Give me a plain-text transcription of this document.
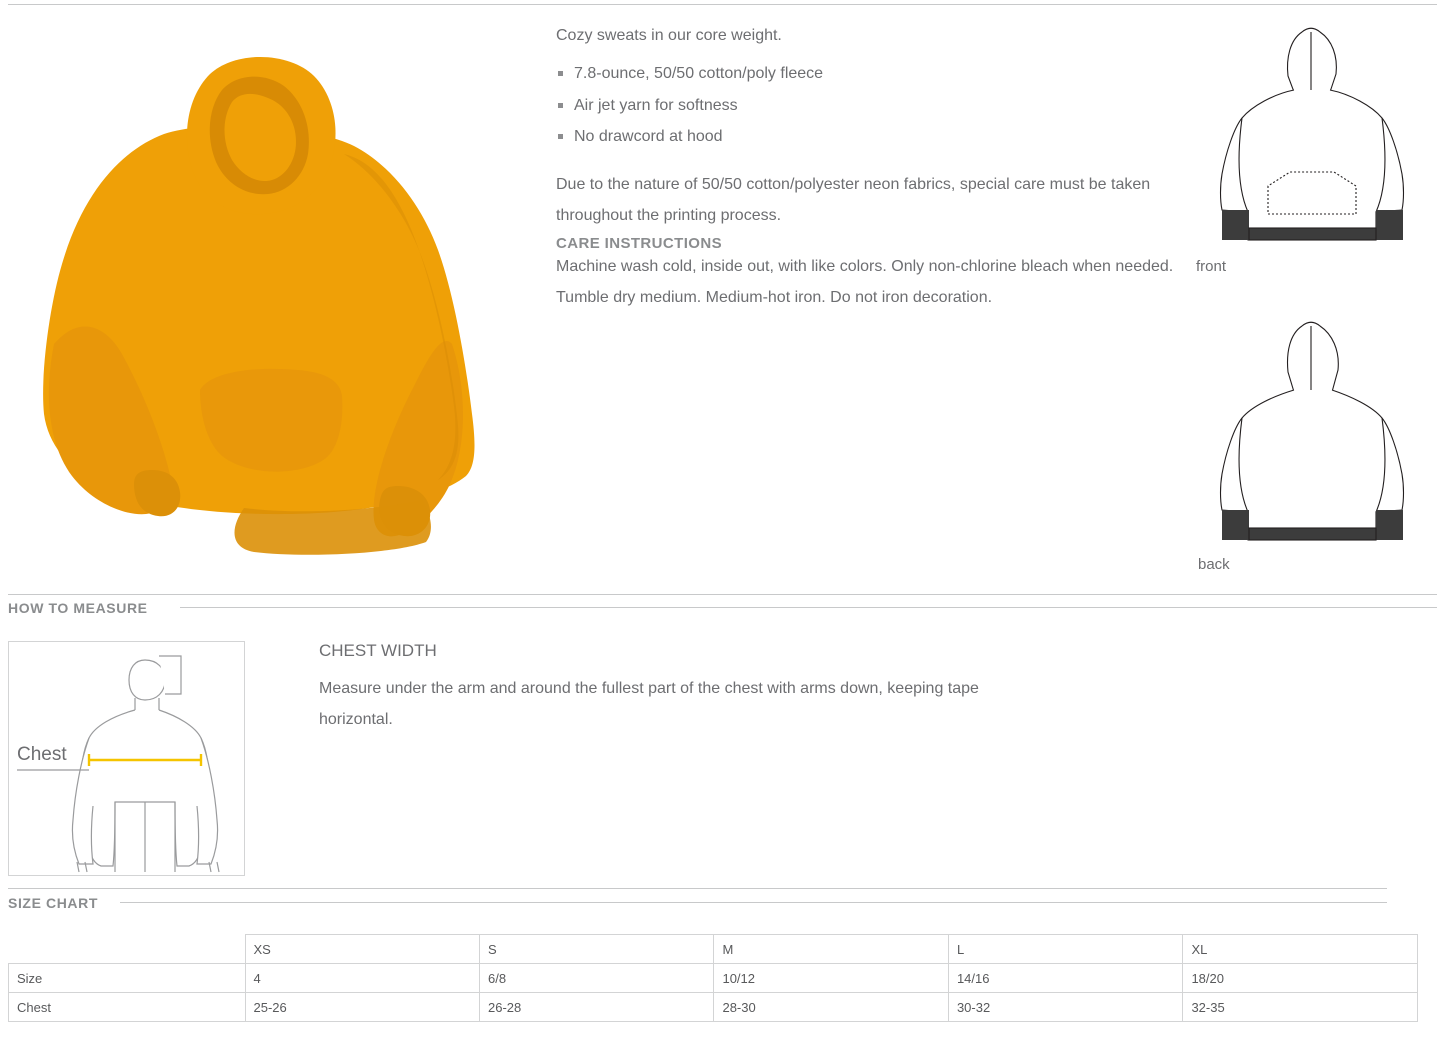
Cozy sweats in our core weight.

7.8-ounce, 50/50 cotton/poly fleece
Air jet yarn for softness
No drawcord at hood

Due to the nature of 50/50 cotton/polyester neon fabrics, special care must be taken throughout the printing process.

CARE INSTRUCTIONS

Machine wash cold, inside out, with like colors. Only non-chlorine bleach when needed. Tumble dry medium. Medium-hot iron. Do not iron decoration.

front
back
HOW TO MEASURE
Chest

CHEST WIDTH

Measure under the arm and around the fullest part of the chest with arms down, keeping tape horizontal.

SIZE CHART
	XS	S	M	L	XL
Size	4	6/8	10/12	14/16	18/20
Chest	25-26	26-28	28-30	30-32	32-35
